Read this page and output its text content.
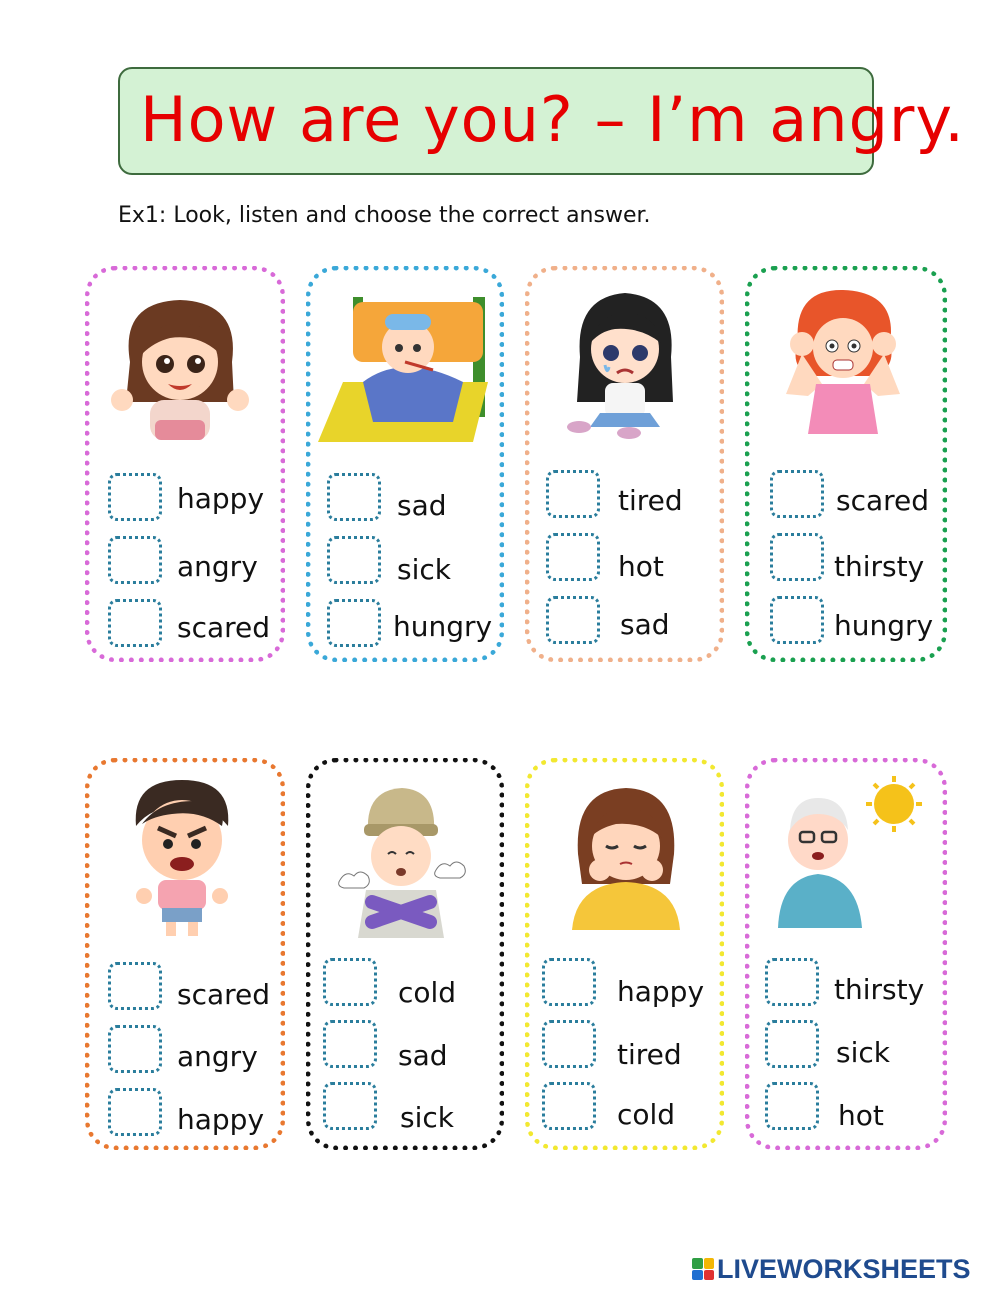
How are you? – I’m angry.
Ex1: Look, listen and choose the correct answer.
happy
angry
scared
sad
sick
hungry
tired
hot
sad
scared
thirsty
hungry
scared
angry
happy
cold
sad
sick
happy
tired
cold
thirsty
sick
hot
LIVEWORKSHEETS
